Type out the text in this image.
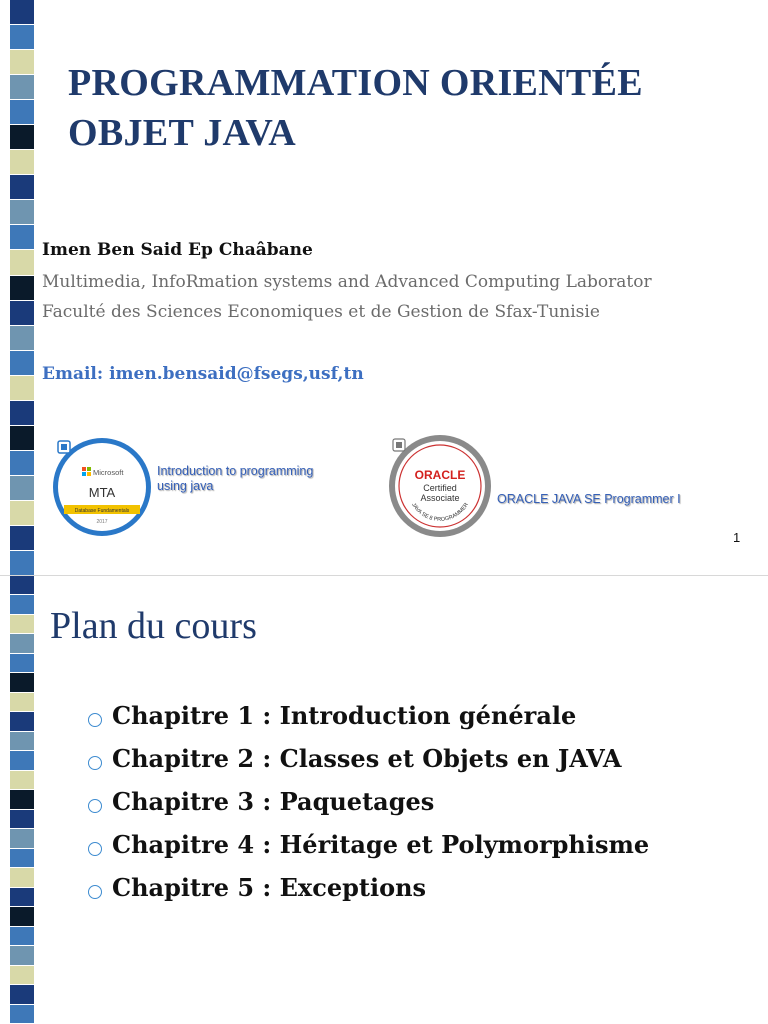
PROGRAMMATION ORIENTÉE OBJET JAVA

Imen Ben Said Ep Chaâbane

Multimedia, InfoRmation systems and Advanced Computing Laborator

Faculté des Sciences Economiques et de Gestion de Sfax-Tunisie

Email: imen.bensaid@fsegs,usf,tn

Microsoft
MTA
Database Fundamentals
2017

Introduction to programming using java

ORACLE
Certified
Associate
JAVA SE 8 PROGRAMMER ORACLE JAVA SE Programmer I

1
Plan du cours
Chapitre 1 : Introduction générale
Chapitre 2 : Classes et Objets en JAVA
Chapitre 3 : Paquetages
Chapitre 4 : Héritage et Polymorphisme
Chapitre 5 : Exceptions
